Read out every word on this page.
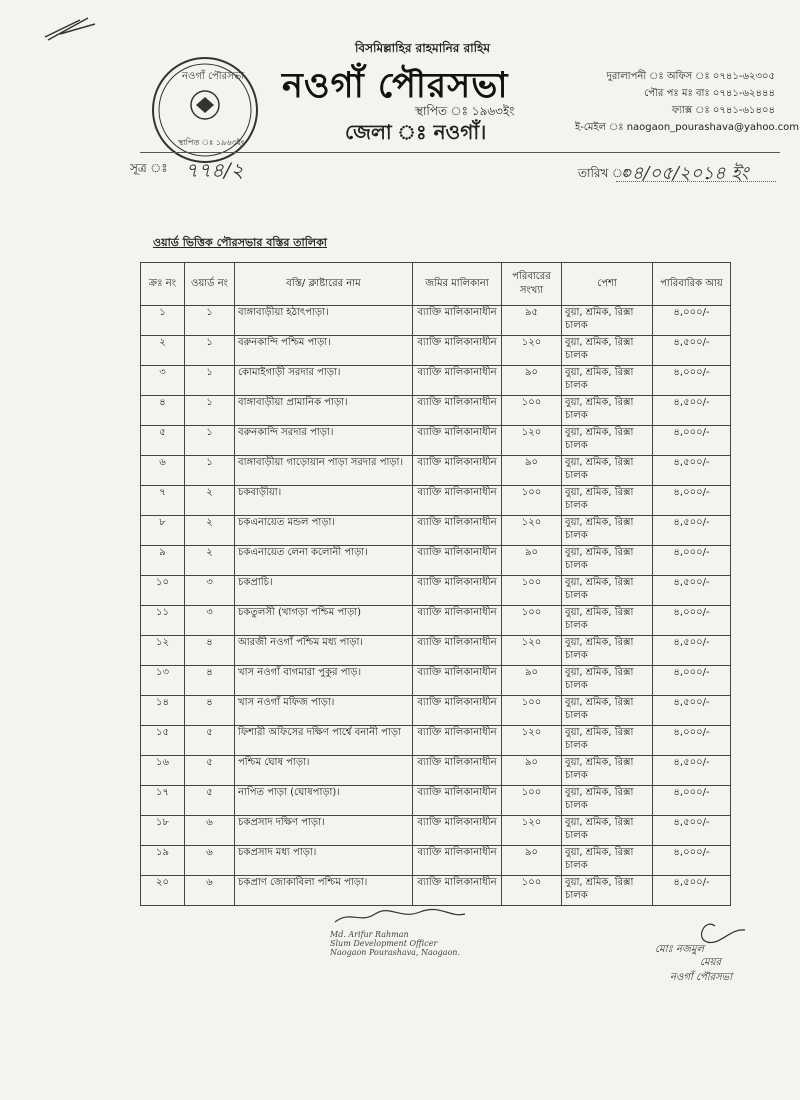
নওগাঁ পৌরসভা
স্থাপিত ঃ ১৯৬৩ইং
বিসমিল্লাহির রাহমানির রাহিম
নওগাঁ পৌরসভা
স্থাপিত ঃ ১৯৬৩ইং
জেলা ঃ নওগাঁ।
দুরালাপনী ঃ অফিস ঃ ০৭৪১-৬২৩০৫
পৌর পঃ মঃ বাঃ ০৭৪১-৬২৪৪৪
ফ্যাক্স ঃ ০৭৪১-৬১৪০৪
ই-মেইল ঃ naogaon_pourashava@yahoo.com
সূত্র ঃ ৭৭৪/২	তারিখ ঃ
০৪/০৫/২০১৪ ইং
ওয়ার্ড ভিত্তিক পৌরসভার বস্তির তালিকা
ক্রঃ নং	ওয়ার্ড নং	বস্তি/ ক্লাষ্টারের নাম	জমির মালিকানা	পরিবারের সংখ্যা	পেশা	পারিবারিক আয়
১	১	বাঙ্গাবাড়ীয়া হঠাৎপাড়া।	ব্যাক্তি মালিকানাধীন	৯৫	বুয়া, শ্রমিক, রিক্সা চালক	৪,০০০/-
২	১	বরুনকান্দি পশ্চিম পাড়া।	ব্যাক্তি মালিকানাধীন	১২০	বুয়া, শ্রমিক, রিক্সা চালক	৪,৫০০/-
৩	১	কোমাইগাড়ী সরদার পাড়া।	ব্যাক্তি মালিকানাধীন	৯০	বুয়া, শ্রমিক, রিক্সা চালক	৪,০০০/-
৪	১	বাঙ্গাবাড়ীয়া প্রামানিক পাড়া।	ব্যাক্তি মালিকানাধীন	১০০	বুয়া, শ্রমিক, রিক্সা চালক	৪,৫০০/-
৫	১	বরুনকান্দি সরদার পাড়া।	ব্যাক্তি মালিকানাধীন	১২০	বুয়া, শ্রমিক, রিক্সা চালক	৪,০০০/-
৬	১	বাঙ্গাবাড়ীয়া গাড়োয়ান পাড়া সরদার পাড়া।	ব্যাক্তি মালিকানাধীন	৯০	বুয়া, শ্রমিক, রিক্সা চালক	৪,৫০০/-
৭	২	চকবাড়ীয়া।	ব্যাক্তি মালিকানাধীন	১০০	বুয়া, শ্রমিক, রিক্সা চালক	৪,০০০/-
৮	২	চকএনায়েত মন্ডল পাড়া।	ব্যাক্তি মালিকানাধীন	১২০	বুয়া, শ্রমিক, রিক্সা চালক	৪,৫০০/-
৯	২	চকএনায়েত লেনা কলোনী পাড়া।	ব্যাক্তি মালিকানাধীন	৯০	বুয়া, শ্রমিক, রিক্সা চালক	৪,০০০/-
১০	৩	চকপ্রাচি।	ব্যাক্তি মালিকানাধীন	১০০	বুয়া, শ্রমিক, রিক্সা চালক	৪,৫০০/-
১১	৩	চকতুলসী (খাগড়া পশ্চিম পাড়া)	ব্যাক্তি মালিকানাধীন	১০০	বুয়া, শ্রমিক, রিক্সা চালক	৪,০০০/-
১২	৪	আরজী নওগাঁ পশ্চিম মধ্য পাড়া।	ব্যাক্তি মালিকানাধীন	১২০	বুয়া, শ্রমিক, রিক্সা চালক	৪,৫০০/-
১৩	৪	খাস নওগাঁ বাগমারা পুকুর পাড়।	ব্যাক্তি মালিকানাধীন	৯০	বুয়া, শ্রমিক, রিক্সা চালক	৪,০০০/-
১৪	৪	খাস নওগাঁ মফিজ পাড়া।	ব্যাক্তি মালিকানাধীন	১০০	বুয়া, শ্রমিক, রিক্সা চালক	৪,৫০০/-
১৫	৫	ফিশারী অফিসের দক্ষিণ পার্শ্বে বনানী পাড়া	ব্যাক্তি মালিকানাধীন	১২০	বুয়া, শ্রমিক, রিক্সা চালক	৪,০০০/-
১৬	৫	পশ্চিম ঘোষ পাড়া।	ব্যাক্তি মালিকানাধীন	৯০	বুয়া, শ্রমিক, রিক্সা চালক	৪,৫০০/-
১৭	৫	নাপিত পাড়া (ঘোষপাড়া)।	ব্যাক্তি মালিকানাধীন	১০০	বুয়া, শ্রমিক, রিক্সা চালক	৪,০০০/-
১৮	৬	চকপ্রসাদ দক্ষিণ পাড়া।	ব্যাক্তি মালিকানাধীন	১২০	বুয়া, শ্রমিক, রিক্সা চালক	৪,৫০০/-
১৯	৬	চকপ্রসাদ মধ্য পাড়া।	ব্যাক্তি মালিকানাধীন	৯০	বুয়া, শ্রমিক, রিক্সা চালক	৪,০০০/-
২০	৬	চকপ্রাণ জোকাবিলা পশ্চিম পাড়া।	ব্যাক্তি মালিকানাধীন	১০০	বুয়া, শ্রমিক, রিক্সা চালক	৪,৫০০/-
Md. Arifur Rahman
Slum Development Officer
Naogaon Pourashava, Naogaon.	মোঃ নজমুল
মেয়র
নওগাঁ পৌরসভা
